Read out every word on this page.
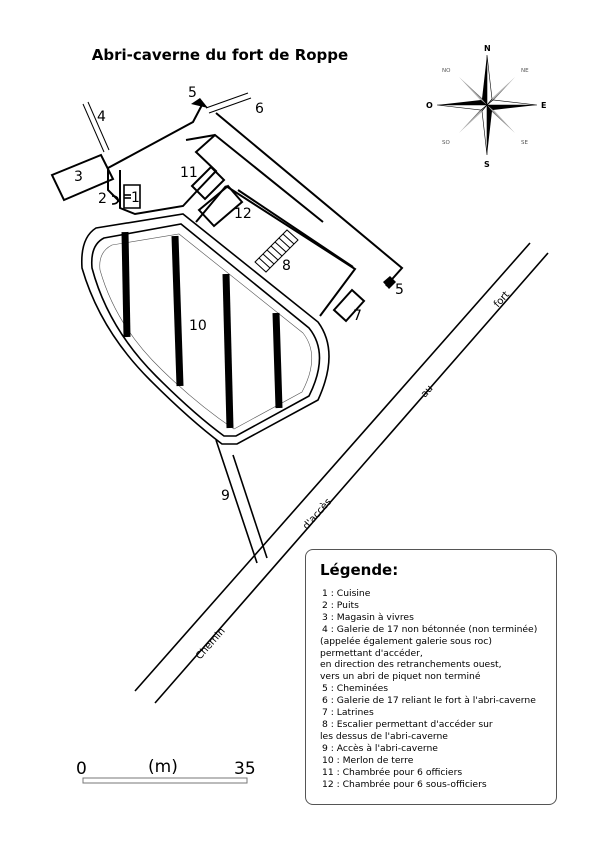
Abri-caverne du fort de Roppe
1
2
3
4
5
5
6
7
8
9
10
11
12
Chemin
d'accès
au
fort
N
S
E
O
NE
NO
SE
SO
0	(m)	35
Légende:
1 : Cuisine
2 : Puits
3 : Magasin à vivres
4 : Galerie de 17 non bétonnée (non terminée)
(appelée également galerie sous roc)
permettant d'accéder,
en direction des retranchements ouest,
vers un abri de piquet non terminé
5 : Cheminées
6 : Galerie de 17 reliant le fort à l'abri-caverne
7 : Latrines
8 : Escalier permettant d'accéder sur
les dessus de l'abri-caverne
9 : Accès à l'abri-caverne
10 : Merlon de terre
11 : Chambrée pour 6 officiers
12 : Chambrée pour 6 sous-officiers
